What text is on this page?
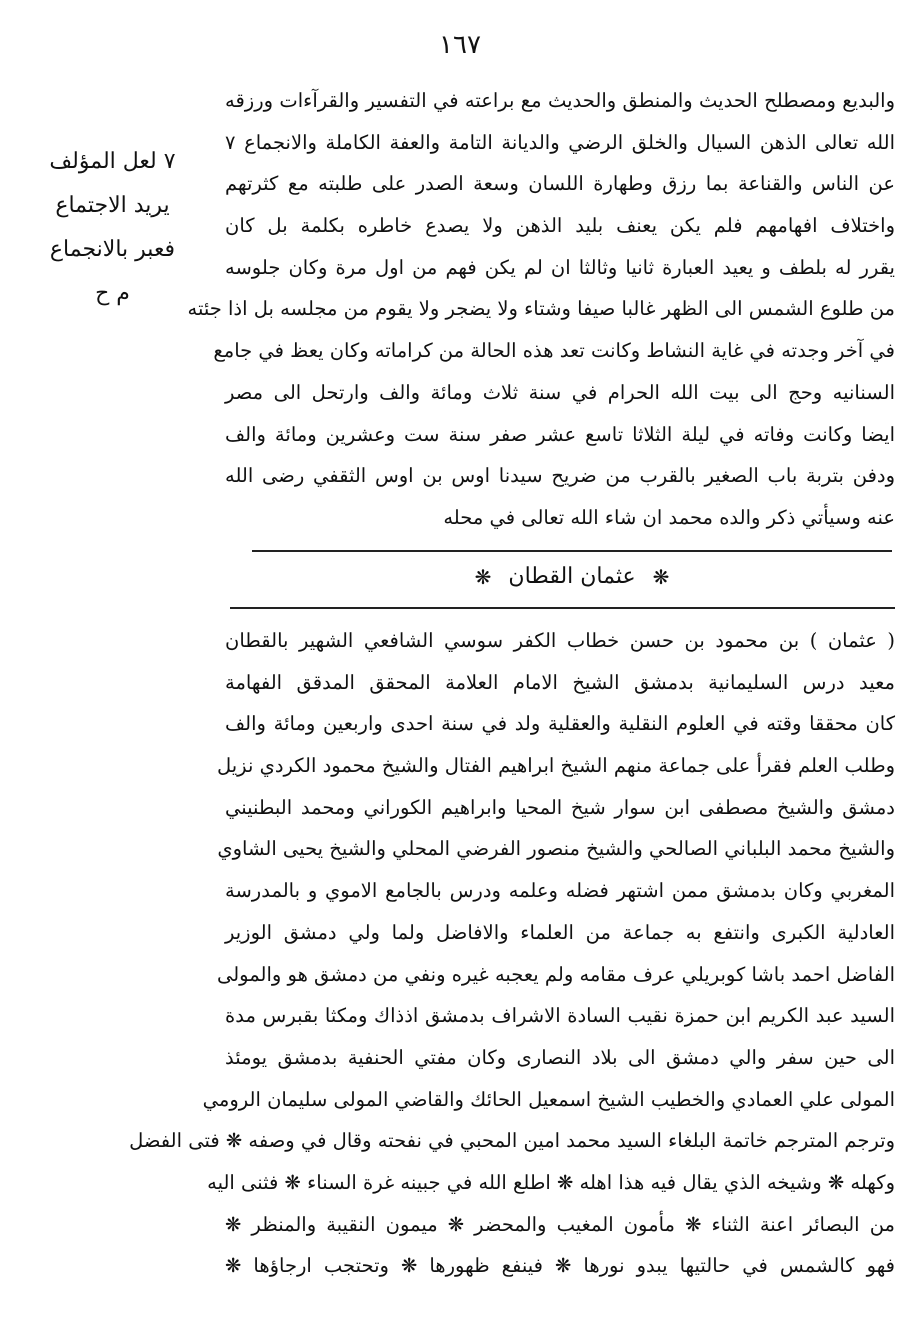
١٦٧
والبديع ومصطلح الحديث والمنطق والحديث مع براعته في التفسير والقرآءات ورزقه
الله تعالى الذهن السيال والخلق الرضي والديانة التامة والعفة الكاملة والانجماع ٧
عن الناس والقناعة بما رزق وطهارة اللسان وسعة الصدر على طلبته مع كثرتهم
واختلاف افهامهم فلم يكن يعنف بليد الذهن ولا يصدع خاطره بكلمة بل كان
يقرر له بلطف و يعيد العبارة ثانيا وثالثا ان لم يكن فهم من اول مرة وكان جلوسه
من طلوع الشمس الى الظهر غالبا صيفا وشتاء ولا يضجر ولا يقوم من مجلسه بل اذا جئته
في آخر وجدته في غاية النشاط وكانت تعد هذه الحالة من كراماته وكان يعظ في جامع
السنانيه وحج الى بيت الله الحرام في سنة ثلاث ومائة والف وارتحل الى مصر
ايضا وكانت وفاته في ليلة الثلاثا تاسع عشر صفر سنة ست وعشرين ومائة والف
ودفن بتربة باب الصغير بالقرب من ضريح سيدنا اوس بن اوس الثقفي رضى الله
عنه وسيأتي ذكر والده محمد ان شاء الله تعالى في محله
٧ لعل المؤلف
يريد الاجتماع
فعبر بالانجماع
م ح
❋ عثمان القطان ❋
( عثمان ) بن محمود بن حسن خطاب الكفر سوسي الشافعي الشهير بالقطان
معيد درس السليمانية بدمشق الشيخ الامام العلامة المحقق المدقق الفهامة
كان محققا وقته في العلوم النقلية والعقلية ولد في سنة احدى واربعين ومائة والف
وطلب العلم فقرأ على جماعة منهم الشيخ ابراهيم الفتال والشيخ محمود الكردي نزيل
دمشق والشيخ مصطفى ابن سوار شيخ المحيا وابراهيم الكوراني ومحمد البطنيني
والشيخ محمد البلباني الصالحي والشيخ منصور الفرضي المحلي والشيخ يحيى الشاوي
المغربي وكان بدمشق ممن اشتهر فضله وعلمه ودرس بالجامع الاموي و بالمدرسة
العادلية الكبرى وانتفع به جماعة من العلماء والافاضل ولما ولي دمشق الوزير
الفاضل احمد باشا كوبريلي عرف مقامه ولم يعجبه غيره ونفي من دمشق هو والمولى
السيد عبد الكريم ابن حمزة نقيب السادة الاشراف بدمشق اذذاك ومكثا بقبرس مدة
الى حين سفر والي دمشق الى بلاد النصارى وكان مفتي الحنفية بدمشق يومئذ
المولى علي العمادي والخطيب الشيخ اسمعيل الحائك والقاضي المولى سليمان الرومي
وترجم المترجم خاتمة البلغاء السيد محمد امين المحبي في نفحته وقال في وصفه ❋ فتى الفضل
وكهله ❋ وشيخه الذي يقال فيه هذا اهله ❋ اطلع الله في جبينه غرة السناء ❋ فثنى اليه
من البصائر اعنة الثناء ❋ مأمون المغيب والمحضر ❋ ميمون النقيبة والمنظر ❋
فهو كالشمس في حالتيها يبدو نورها ❋ فينفع ظهورها ❋ وتحتجب ارجاؤها ❋
